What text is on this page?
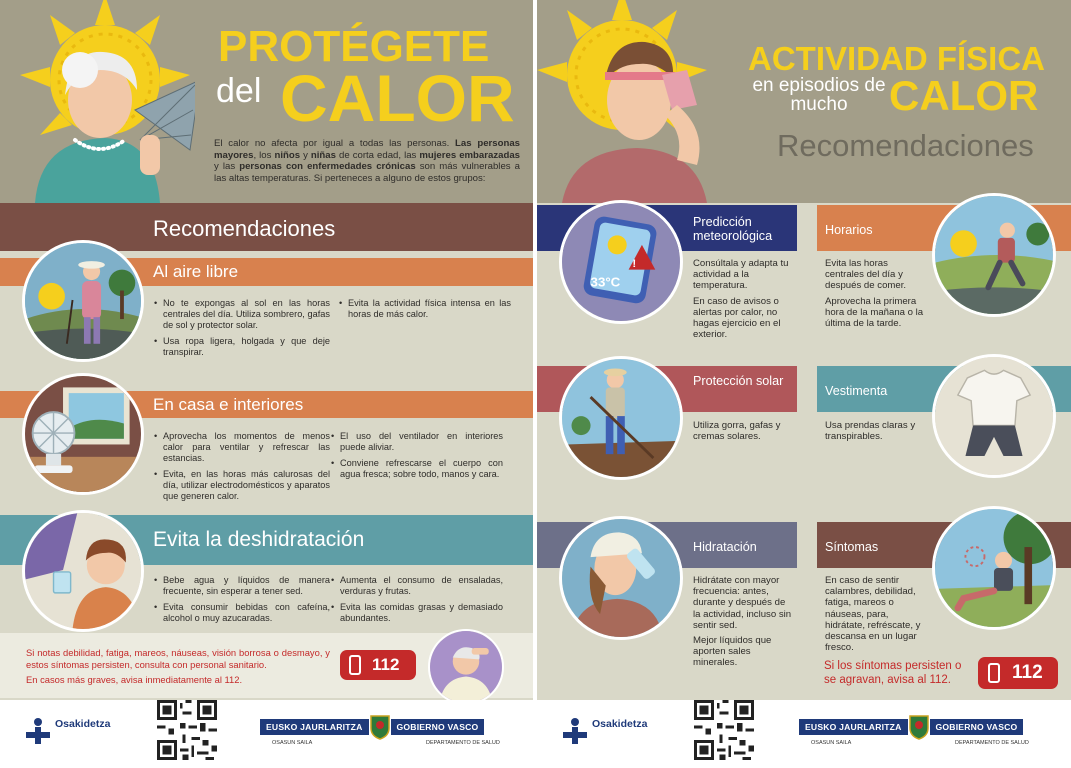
PROTÉGETE
del CALOR
El calor no afecta por igual a todas las personas. Las personas mayores, los niños y niñas de corta edad, las mujeres embarazadas y las personas con enfermedades crónicas son más vulnerables a las altas temperaturas. Si perteneces a alguno de estos grupos:
Recomendaciones
Al aire libre
• No te expongas al sol en las horas centrales del día. Utiliza sombrero, gafas de sol y protector solar.
• Usa ropa ligera, holgada y que deje transpirar.
• Evita la actividad física intensa en las horas de más calor.
En casa e interiores
• Aprovecha los momentos de menos calor para ventilar y refrescar las estancias.
• Evita, en las horas más calurosas del día, utilizar electrodomésticos y aparatos que generen calor.
• El uso del ventilador en interiores puede aliviar.
• Conviene refrescarse el cuerpo con agua fresca; sobre todo, manos y cara.
Evita la deshidratación
• Bebe agua y líquidos de manera frecuente, sin esperar a tener sed.
• Evita consumir bebidas con cafeína, alcohol o muy azucaradas.
• Aumenta el consumo de ensaladas, verduras y frutas.
• Evita las comidas grasas y demasiado abundantes.
Si notas debilidad, fatiga, mareos, náuseas, visión borrosa o desmayo, y estos síntomas persisten, consulta con personal sanitario.
En casos más graves, avisa inmediatamente al 112.
112
Osakidetza	EUSKO JAURLARITZA	GOBIERNO VASCO
OSASUN SAILA	DEPARTAMENTO DE SALUD
ACTIVIDAD FÍSICA
en episodios de mucho CALOR
Recomendaciones
Predicción meteorológica
!
33°C

Consúltala y adapta tu actividad a la temperatura.

En caso de avisos o alertas por calor, no hagas ejercicio en el exterior.

Horarios

Evita las horas centrales del día y después de comer.

Aprovecha la primera hora de la mañana o la última de la tarde.

Protección solar

Utiliza gorra, gafas y cremas solares.

Vestimenta

Usa prendas claras y transpirables.

Hidratación

Hidrátate con mayor frecuencia: antes, durante y después de la actividad, incluso sin sentir sed.

Mejor líquidos que aporten sales minerales.

Síntomas

En caso de sentir calambres, debilidad, fatiga, mareos o náuseas, para, hidrátate, refréscate, y descansa en un lugar fresco.

Si los síntomas persisten o se agravan, avisa al 112.	112
Osakidetza	EUSKO JAURLARITZA	GOBIERNO VASCO
OSASUN SAILA	DEPARTAMENTO DE SALUD
